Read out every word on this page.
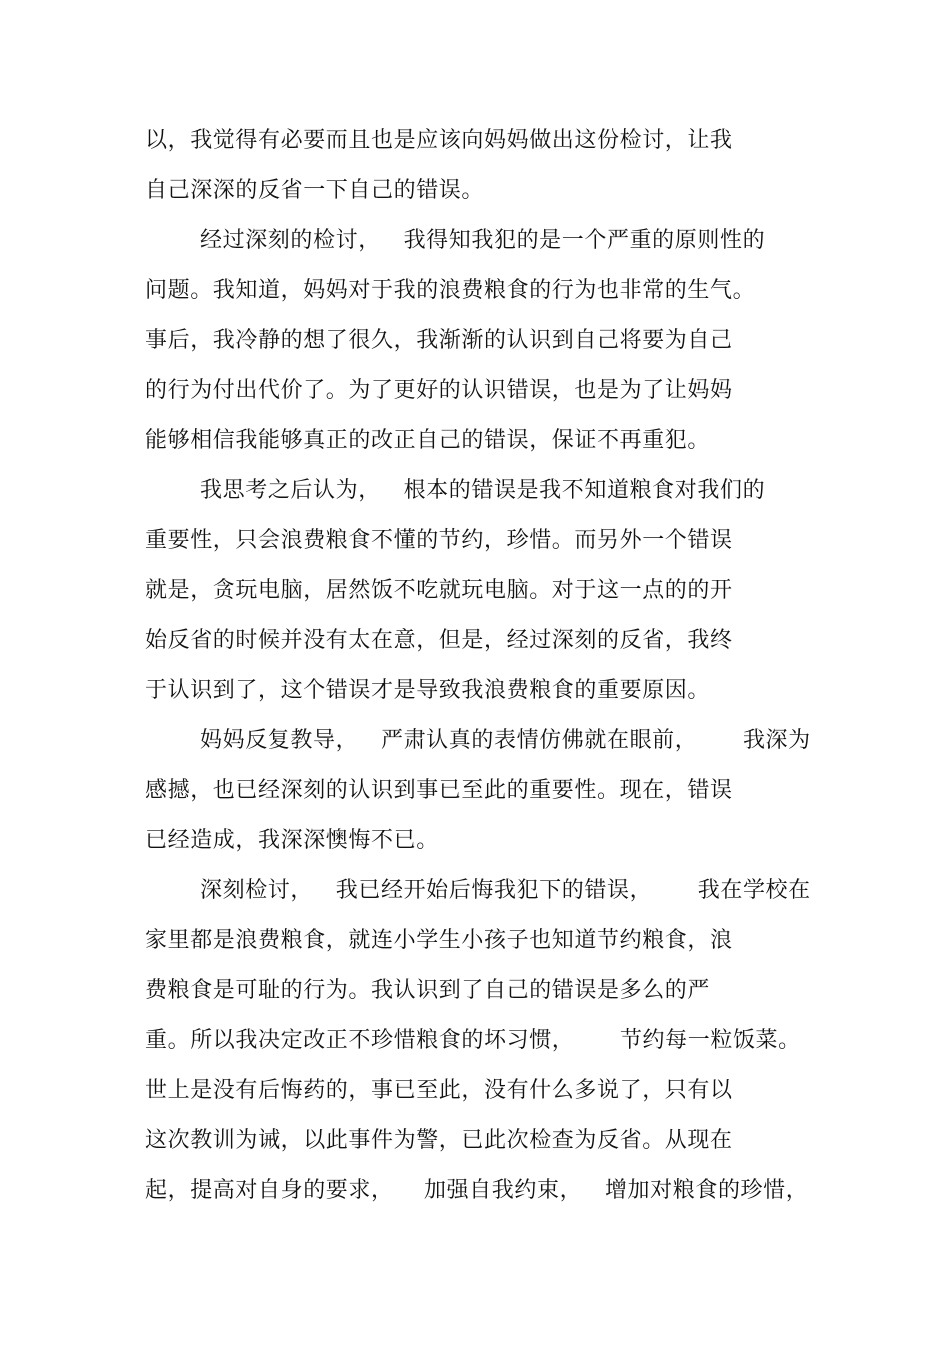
以，我觉得有必要而且也是应该向妈妈做出这份检讨，让我
自己深深的反省一下自己的错误。
经过深刻的检讨，   我得知我犯的是一个严重的原则性的
问题。我知道，妈妈对于我的浪费粮食的行为也非常的生气。
事后，我冷静的想了很久，我渐渐的认识到自己将要为自己
的行为付出代价了。为了更好的认识错误，也是为了让妈妈
能够相信我能够真正的改正自己的错误，保证不再重犯。
我思考之后认为，   根本的错误是我不知道粮食对我们的
重要性，只会浪费粮食不懂的节约，珍惜。而另外一个错误
就是，贪玩电脑，居然饭不吃就玩电脑。对于这一点的的开
始反省的时候并没有太在意，但是，经过深刻的反省，我终
于认识到了，这个错误才是导致我浪费粮食的重要原因。
妈妈反复教导，   严肃认真的表情仿佛就在眼前，      我深为
感撼，也已经深刻的认识到事已至此的重要性。现在，错误
已经造成，我深深懊悔不已。
深刻检讨，   我已经开始后悔我犯下的错误，      我在学校在
家里都是浪费粮食，就连小学生小孩子也知道节约粮食，浪
费粮食是可耻的行为。我认识到了自己的错误是多么的严
重。所以我决定改正不珍惜粮食的坏习惯，      节约每一粒饭菜。
世上是没有后悔药的，事已至此，没有什么多说了，只有以
这次教训为诫，以此事件为警，已此次检查为反省。从现在
起，提高对自身的要求，    加强自我约束，   增加对粮食的珍惜，
